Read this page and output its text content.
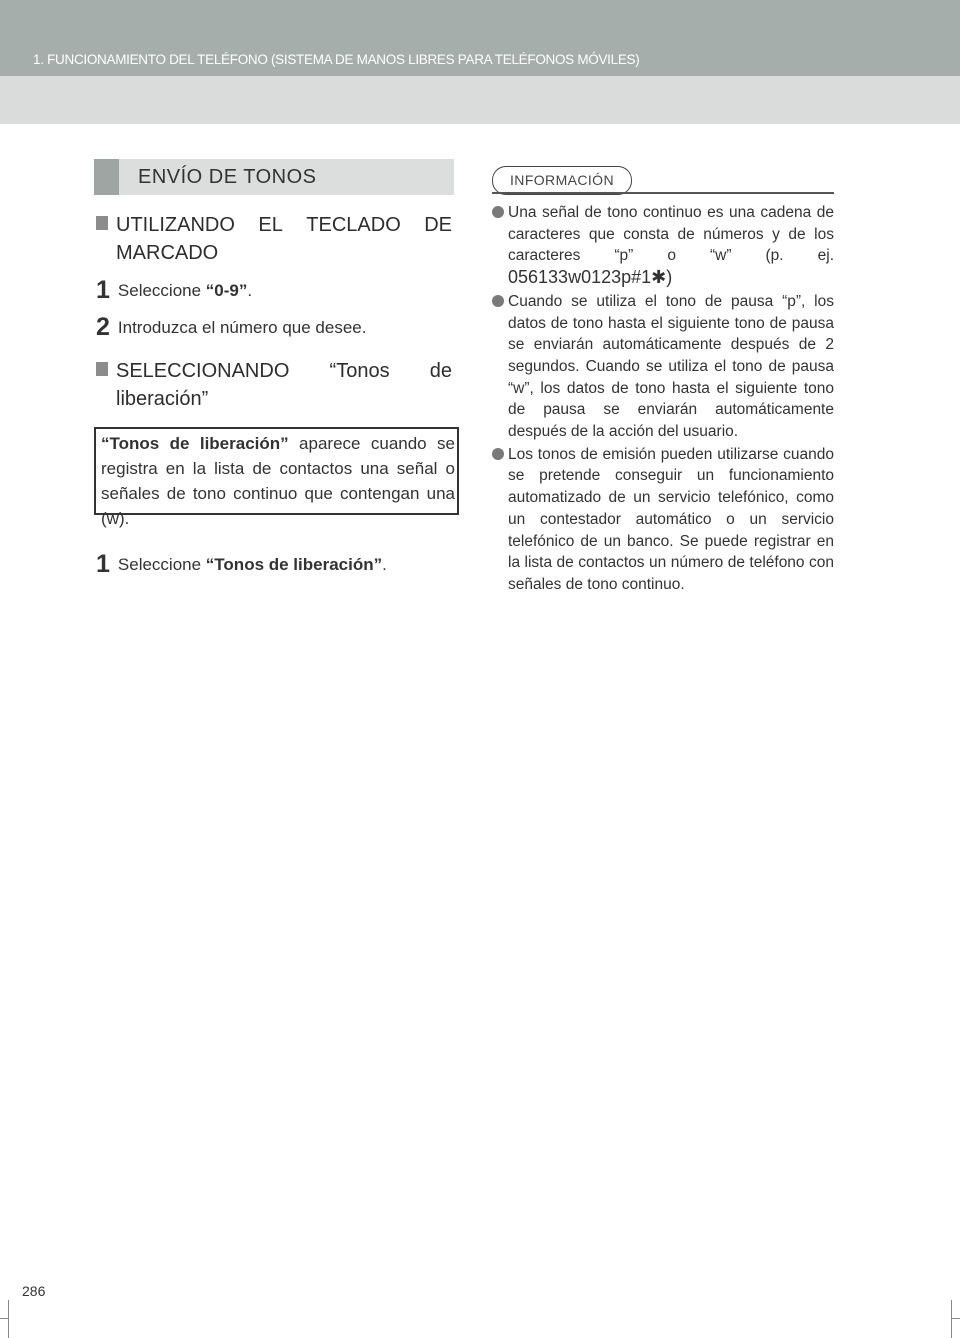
1. FUNCIONAMIENTO DEL TELÉFONO (SISTEMA DE MANOS LIBRES PARA TELÉFONOS MÓVILES)

ENVÍO DE TONOS
UTILIZANDO EL TECLADO DE
MARCADO
1 Seleccione “0-9”.
2 Introduzca el número que desee.
SELECCIONANDO “Tonos de
liberación”
“Tonos de liberación” aparece cuando se registra en la lista de contactos una señal o señales de tono continuo que contengan una (w).
1 Seleccione “Tonos de liberación”.
INFORMACIÓN
Una señal de tono continuo es una cadena de caracteres que consta de números y de los caracteres “p” o “w” (p. ej. 056133w0123p#1✱)
Cuando se utiliza el tono de pausa “p”, los datos de tono hasta el siguiente tono de pausa se enviarán automáticamente después de 2 segundos. Cuando se utiliza el tono de pausa “w”, los datos de tono hasta el siguiente tono de pausa se enviarán automáticamente después de la acción del usuario.
Los tonos de emisión pueden utilizarse cuando se pretende conseguir un funcionamiento automatizado de un servicio telefónico, como un contestador automático o un servicio telefónico de un banco. Se puede registrar en la lista de contactos un número de teléfono con señales de tono continuo.
286
